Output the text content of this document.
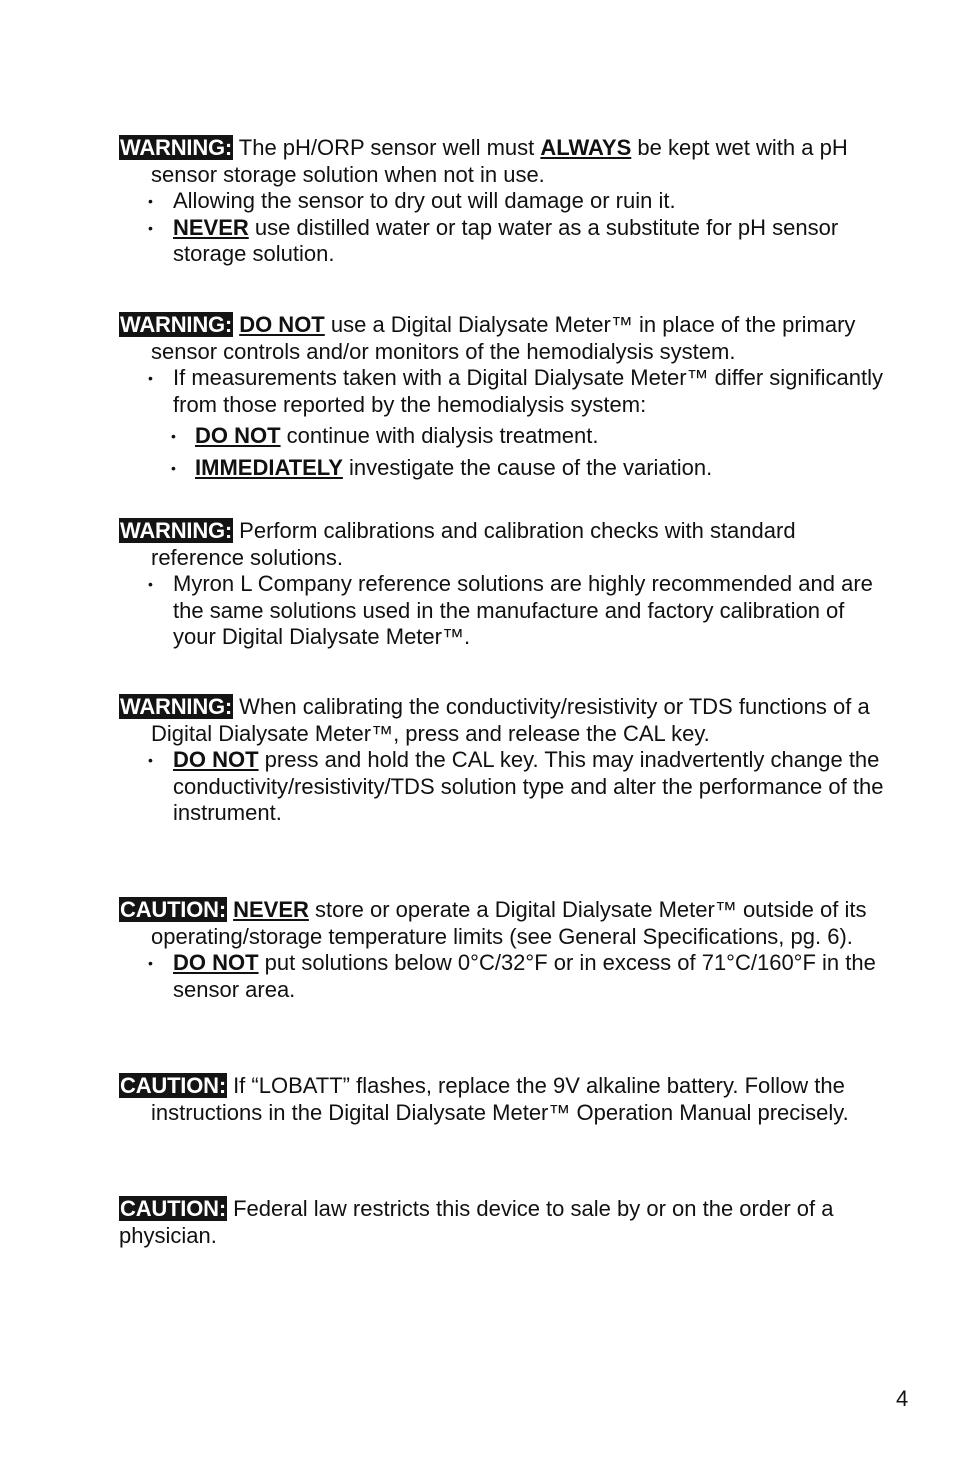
WARNING: The pH/ORP sensor well must ALWAYS be kept wet with a pH sensor storage solution when not in use.
• Allowing the sensor to dry out will damage or ruin it.
• NEVER use distilled water or tap water as a substitute for pH sensor storage solution.
WARNING: DO NOT use a Digital Dialysate Meter™ in place of the primary sensor controls and/or monitors of the hemodialysis system.
• If measurements taken with a Digital Dialysate Meter™ differ significantly from those reported by the hemodialysis system:
• DO NOT continue with dialysis treatment.
• IMMEDIATELY investigate the cause of the variation.
WARNING: Perform calibrations and calibration checks with standard reference solutions.
• Myron L Company reference solutions are highly recommended and are the same solutions used in the manufacture and factory calibration of your Digital Dialysate Meter™.
WARNING: When calibrating the conductivity/resistivity or TDS functions of a Digital Dialysate Meter™, press and release the CAL key.
• DO NOT press and hold the CAL key. This may inadvertently change the conductivity/resistivity/TDS solution type and alter the performance of the instrument.
CAUTION: NEVER store or operate a Digital Dialysate Meter™ outside of its operating/storage temperature limits (see General Specifications, pg. 6).
• DO NOT put solutions below 0°C/32°F or in excess of 71°C/160°F in the sensor area.
CAUTION: If “LOBATT” flashes, replace the 9V alkaline battery. Follow the instructions in the Digital Dialysate Meter™ Operation Manual precisely.
CAUTION: Federal law restricts this device to sale by or on the order of a physician.
4
